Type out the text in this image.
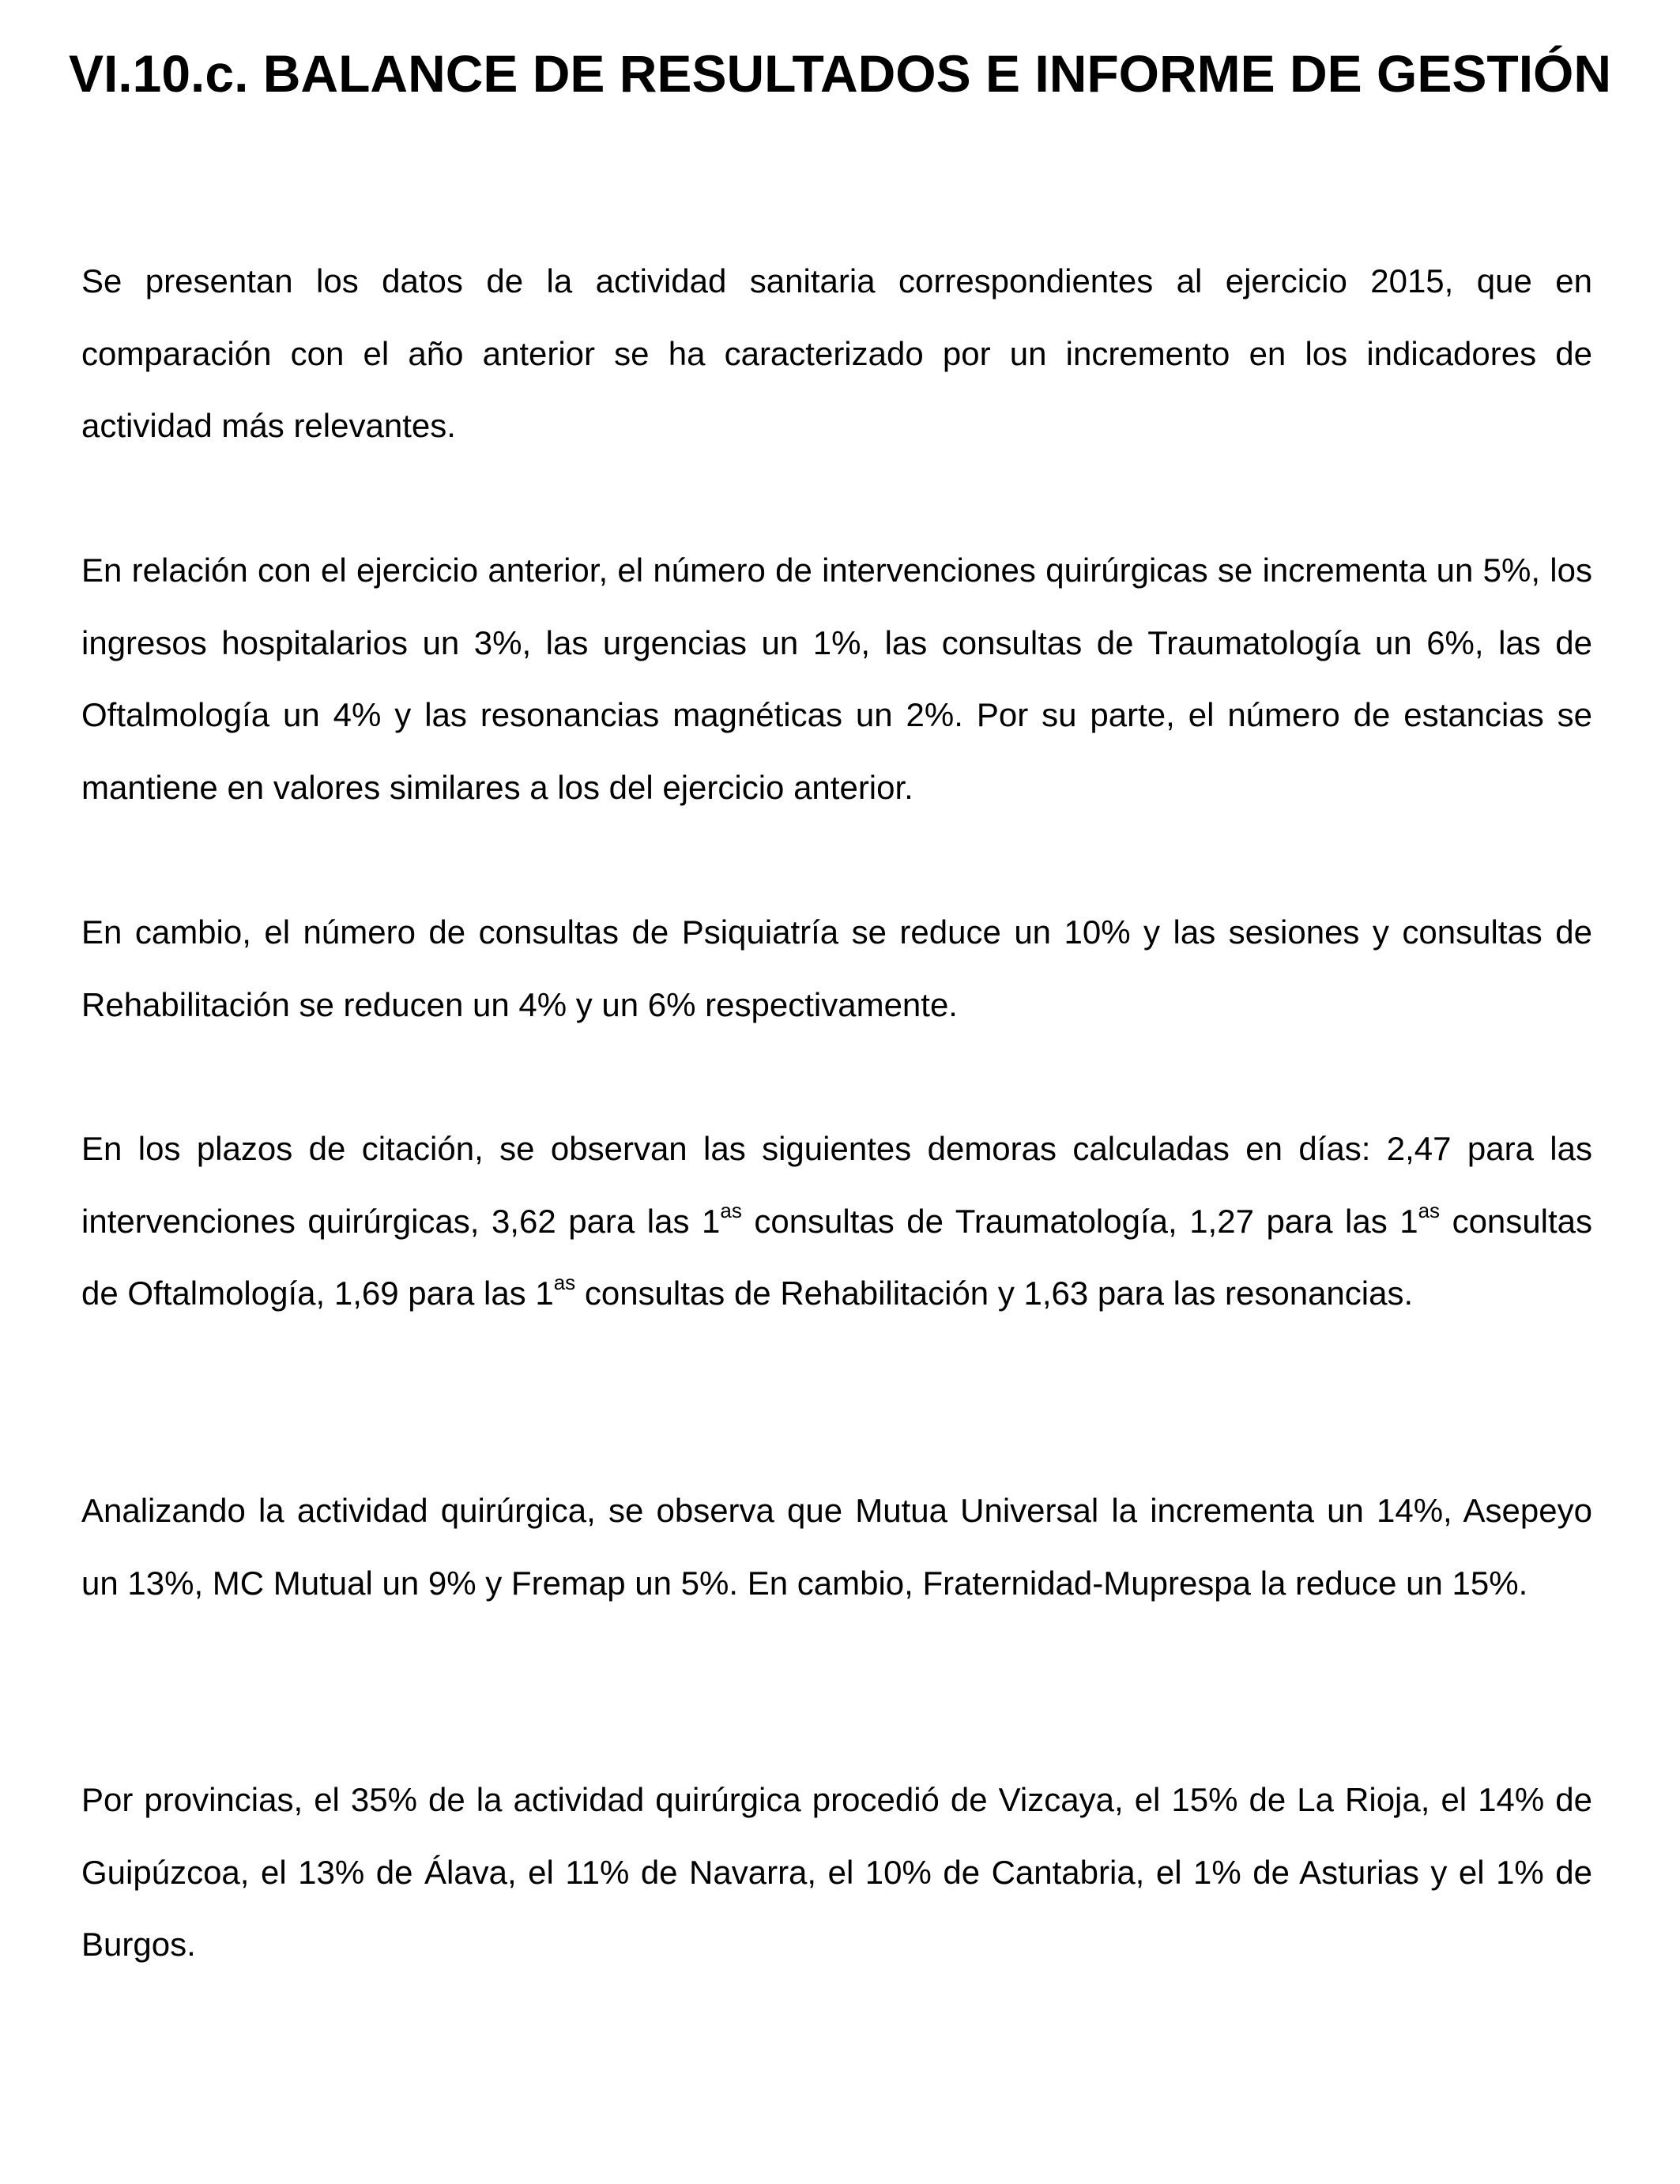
VI.10.c. BALANCE DE RESULTADOS E INFORME DE GESTIÓN

Se presentan los datos de la actividad sanitaria correspondientes al ejercicio 2015, que en comparación con el año anterior se ha caracterizado por un incremento en los indicadores de actividad más relevantes.

En relación con el ejercicio anterior, el número de intervenciones quirúrgicas se incrementa un 5%, los ingresos hospitalarios un 3%, las urgencias un 1%, las consultas de Traumatología un 6%, las de Oftalmología un 4% y las resonancias magnéticas un 2%. Por su parte, el número de estancias se mantiene en valores similares a los del ejercicio anterior.

En cambio, el número de consultas de Psiquiatría se reduce un 10% y las sesiones y consultas de Rehabilitación se reducen un 4% y un 6% respectivamente.

En los plazos de citación, se observan las siguientes demoras calculadas en días: 2,47 para las intervenciones quirúrgicas, 3,62 para las $1^{as}$ consultas de Traumatología, 1,27 para las $1^{as}$ consultas de Oftalmología, 1,69 para las $1^{as}$ consultas de Rehabilitación y 1,63 para las resonancias.

Analizando la actividad quirúrgica, se observa que Mutua Universal la incrementa un 14%, Asepeyo un 13%, MC Mutual un 9% y Fremap un 5%. En cambio, Fraternidad-Muprespa la reduce un 15%.

Por provincias, el 35% de la actividad quirúrgica procedió de Vizcaya, el 15% de La Rioja, el 14% de Guipúzcoa, el 13% de Álava, el 11% de Navarra, el 10% de Cantabria, el 1% de Asturias y el 1% de Burgos.
